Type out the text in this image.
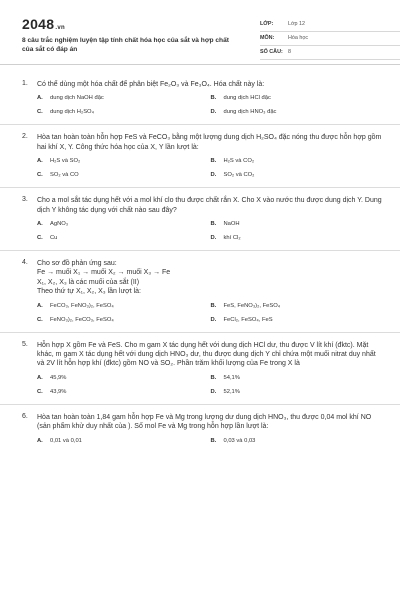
2048.vn
8 câu trắc nghiệm luyện tập tính chất hóa học của sắt và hợp chất của sắt có đáp án
LỚP:	Lớp 12
MÔN:	Hóa học
SỐ CÂU: 8
1. Có thể dùng một hóa chất để phân biệt Fe₂O₃ và Fe₃O₄. Hóa chất này là:
A.	dung dịch NaOH đặc	B.	dung dịch HCl đặc
C.	dung dịch H₂SO₄	D.	dung dịch HNO₃ đặc
2. Hòa tan hoàn toàn hỗn hợp FeS và FeCO₃ bằng một lượng dung dịch H₂SO₄ đặc nóng thu được hỗn hợp gồm hai khí X, Y. Công thức hóa học của X, Y lần lượt là:
A.	H₂S và SO₂	B.	H₂S và CO₂
C.	SO₂ và CO	D.	SO₂ và CO₂
3. Cho a mol sắt tác dụng hết với a mol khí clo thu được chất rắn X. Cho X vào nước thu được dung dịch Y. Dung dịch Y không tác dụng với chất nào sau đây?
A.	AgNO₃	B.	NaOH
C.	Cu	D.	khí Cl₂
4. Cho sơ đồ phản ứng sau:
Fe → muối X₁ → muối X₂ → muối X₃ → Fe
X₁, X₂, X₃ là các muối của sắt (II)
Theo thứ tự X₁, X₂, X₃ lần lượt là:
A.	FeCO₃, FeNO₃)₂, FeSO₄	B.	FeS, FeNO₃)₂, FeSO₄
C.	FeNO₃)₂, FeCO₃, FeSO₄	D.	FeCl₂, FeSO₄, FeS
5. Hỗn hợp X gồm Fe và FeS. Cho m gam X tác dụng hết với dung dịch HCl dư, thu được V lít khí (đktc). Mặt khác, m gam X tác dụng hết với dung dịch HNO₃ dư, thu được dung dịch Y chỉ chứa một muối nitrat duy nhất và 2V lít hỗn hợp khí (đktc) gồm NO và SO₂. Phần trăm khối lượng của Fe trong X là
A.	45,9%	B.	54,1%
C.	43,9%	D.	52,1%
6. Hòa tan hoàn toàn 1,84 gam hỗn hợp Fe và Mg trong lượng dư dung dịch HNO₃, thu được 0,04 mol khí NO (sản phẩm khử duy nhất của ). Số mol Fe và Mg trong hỗn hợp lần lượt là:
A.	0,01 và 0,01	B.	0,03 và 0,03
